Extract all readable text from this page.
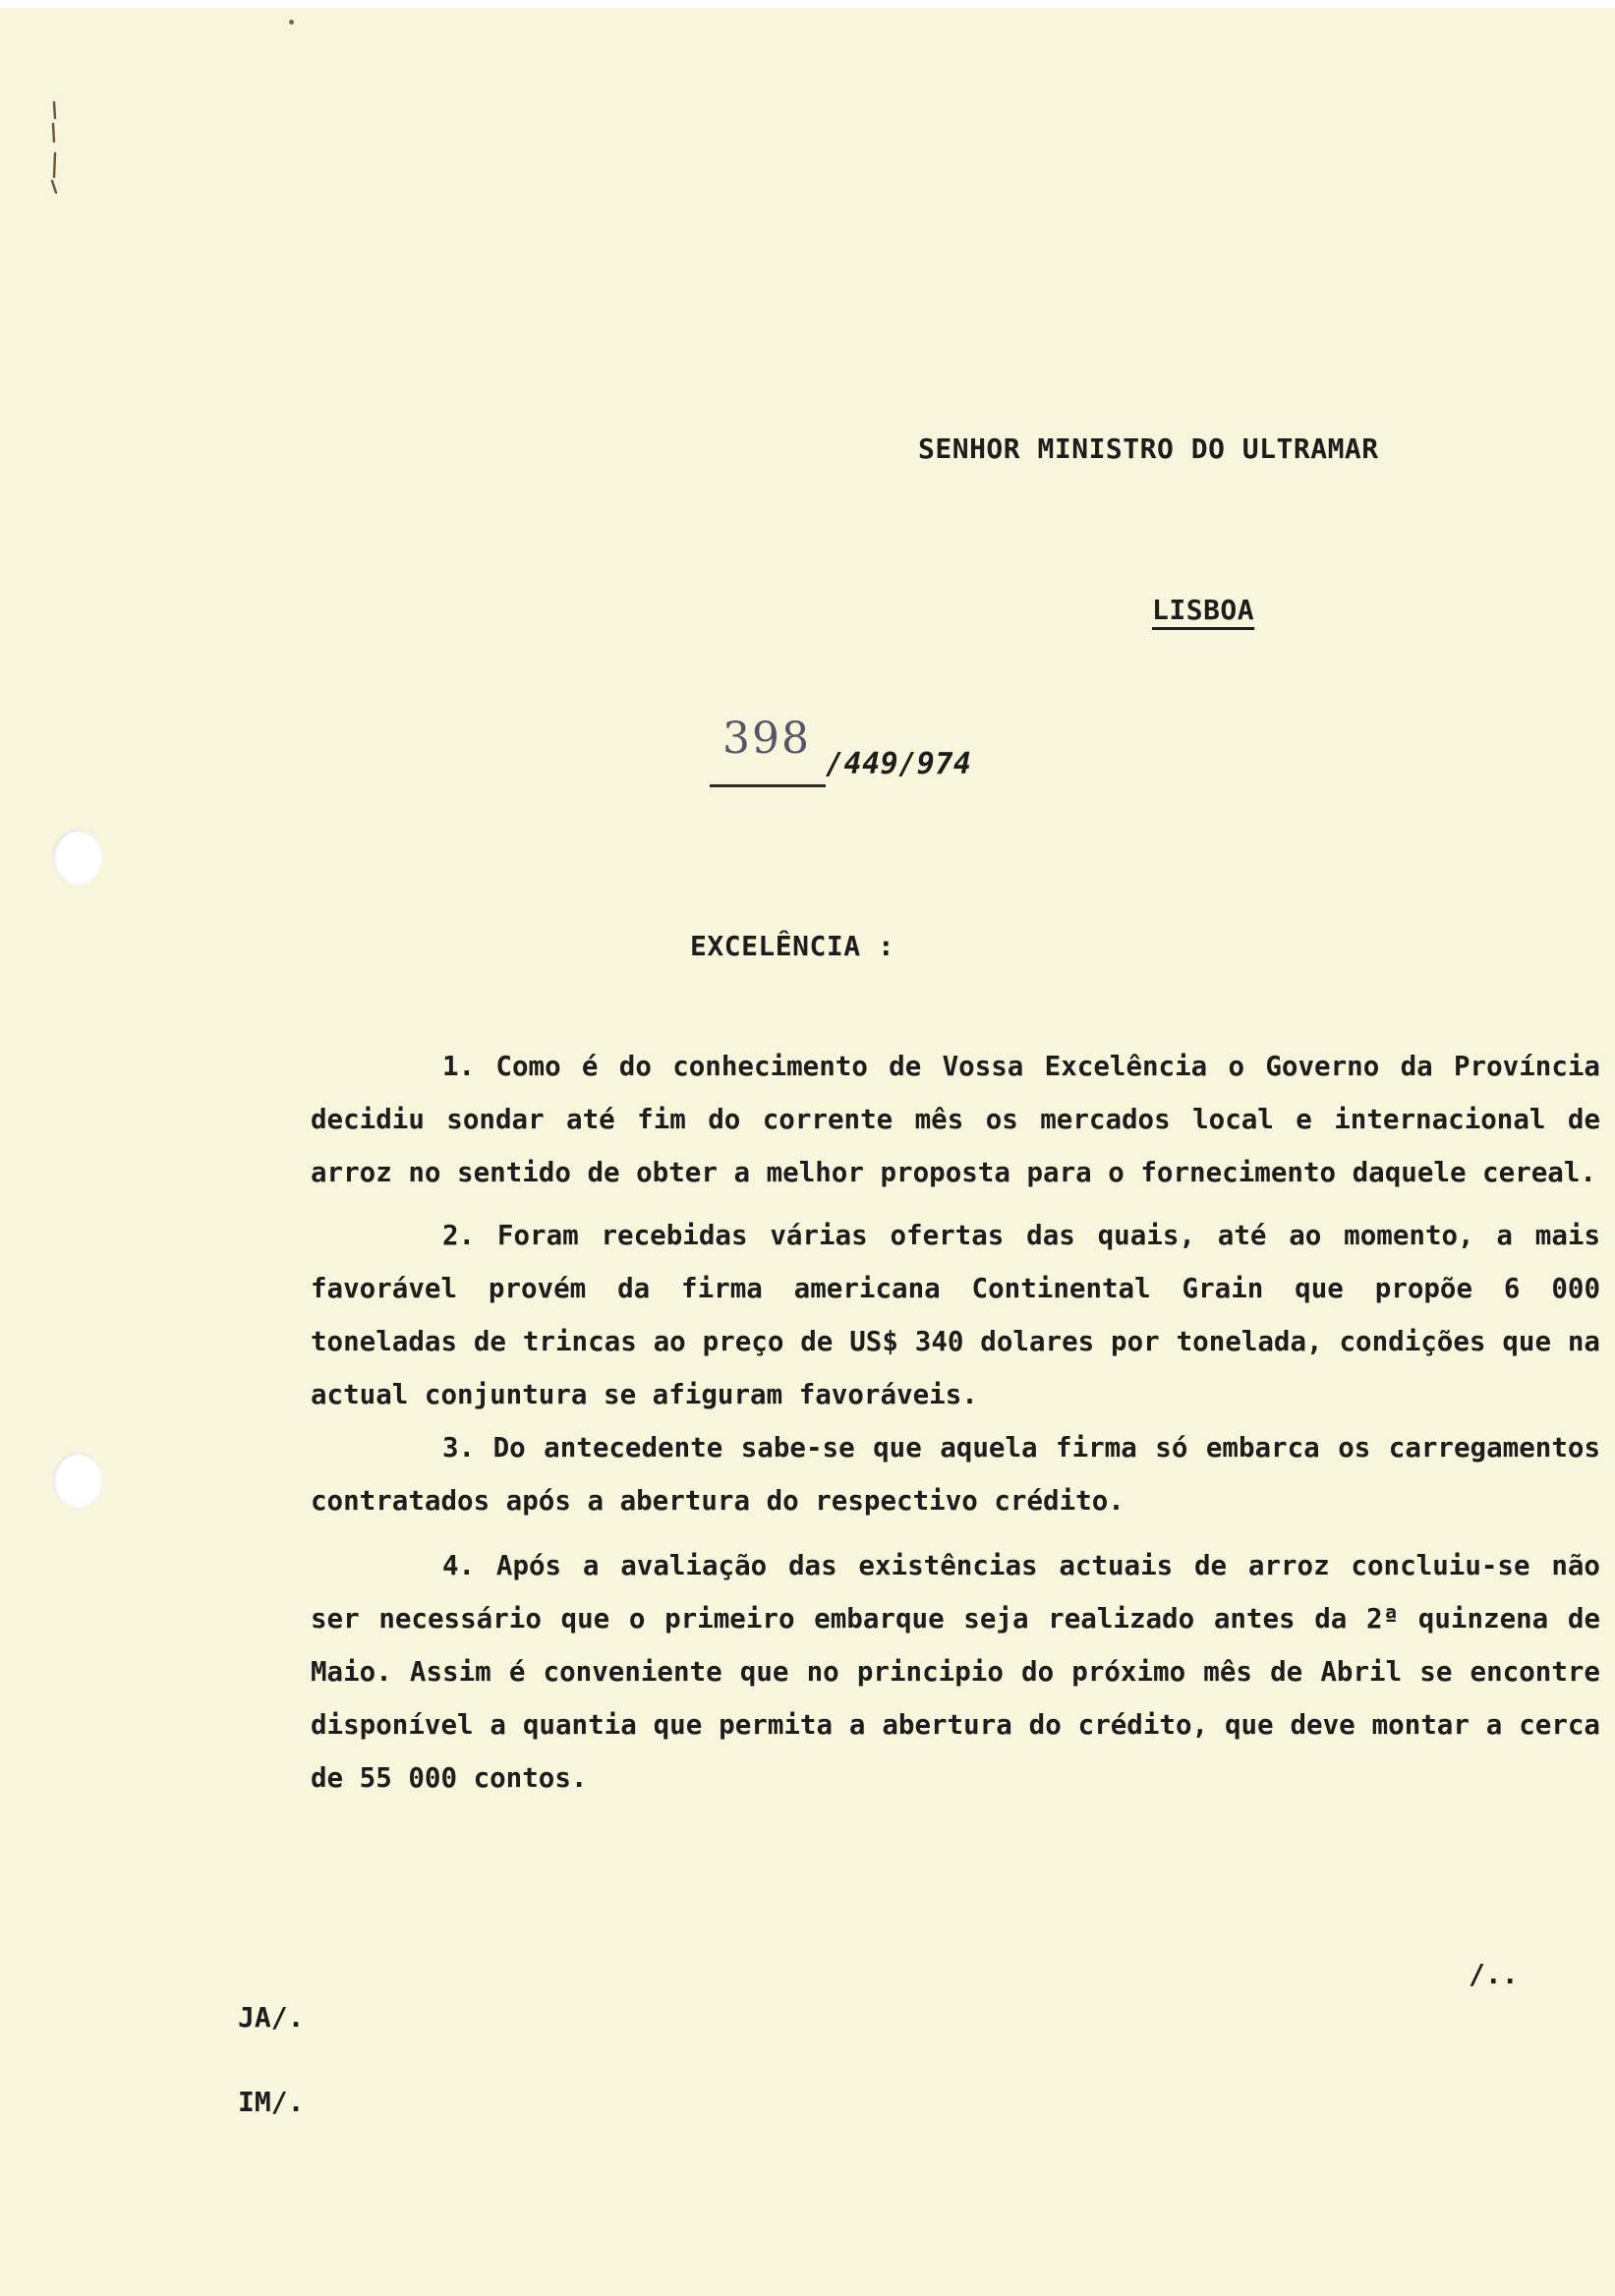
SENHOR MINISTRO DO ULTRAMAR
LISBOA
398
/449/974
EXCELÊNCIA :

1. Como é do conhecimento de Vossa Excelência o Governo da Província decidiu sondar até fim do corrente mês os mercados local e internacional de arroz no sentido de obter a melhor proposta para o fornecimento daquele cereal.

2. Foram recebidas várias ofertas das quais, até ao momento, a mais favorável provém da firma americana Continental Grain que propõe 6 000 toneladas de trincas ao preço de US$ 340 dolares por tonelada, condições que na actual conjuntura se afiguram favoráveis.

3. Do antecedente sabe-se que aquela firma só embarca os carregamentos contratados após a abertura do respectivo crédito.

4. Após a avaliação das existências actuais de arroz concluiu-se não ser necessário que o primeiro embarque seja realizado antes da 2ª quinzena de Maio. Assim é conveniente que no principio do próximo mês de Abril se encontre disponível a quantia que permita a abertura do crédito, que deve montar a cerca de 55 000 contos.

/..
JA/.
IM/.
